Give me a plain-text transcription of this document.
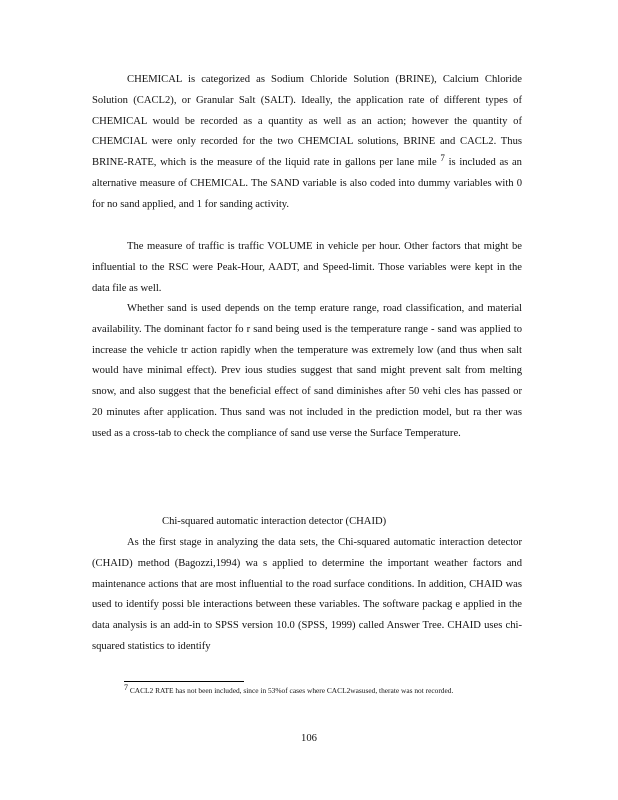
CHEMICAL is categorized as Sodium Chloride Solution (BRINE), Calcium Chloride Solution (CACL2), or Granular Salt (SALT). Ideally, the application rate of different types of CHEMICAL would be recorded as a quantity as well as an action; however the quantity of CHEMCIAL were only recorded for the two CHEMCIAL solutions, BRINE and CACL2. Thus BRINE-RATE, which is the measure of the liquid rate in gallons per lane mile $^7$ is included as an alternative measure of CHEMICAL. The SAND variable is also coded into dummy variables with 0 for no sand applied, and 1 for sanding activity.

The measure of traffic is traffic VOLUME in vehicle per hour. Other factors that might be influential to the RSC were Peak-Hour, AADT, and Speed-limit. Those variables were kept in the data file as well.

Whether sand is used depends on the temp erature range, road classification, and material availability. The dominant factor fo r sand being used is the temperature range - sand was applied to increase the vehicle tr action rapidly when the temperature was extremely low (and thus when salt would have minimal effect). Prev ious studies suggest that sand might prevent salt from melting snow, and also suggest that the beneficial effect of sand diminishes after 50 vehi cles has passed or 20 minutes after application. Thus sand was not included in the prediction model, but ra ther was used as a cross-tab to check the compliance of sand use verse the Surface Temperature.

Chi-squared automatic interaction detector (CHAID)

As the first stage in analyzing the data sets, the Chi-squared automatic interaction detector (CHAID) method (Bagozzi,1994) wa s applied to determine the important weather factors and maintenance actions that are most influential to the road surface conditions. In addition, CHAID was used to identify possi ble interactions between these variables. The software packag e applied in the data analysis is an add-in to SPSS version 10.0 (SPSS, 1999) called Answer Tree. CHAID uses chi-squared statistics to identify

$^7$ CACL2 RATE has not been included, since in 53%of cases where CACL2wasused, therate was not recorded.

106
